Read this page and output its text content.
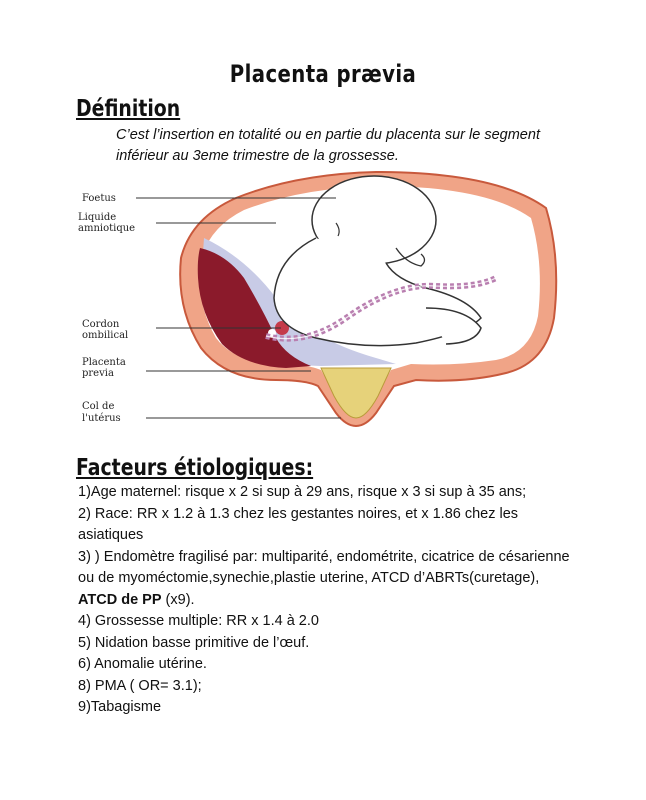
Placenta prævia
Définition
C’est l’insertion en totalité ou en partie du placenta sur le segment inférieur au 3eme trimestre de la grossesse.
Foetus
Liquide
amniotique
Cordon
ombilical
Placenta
previa
Col de
l'utérus
Facteurs étiologiques:

1)Age maternel: risque x 2 si sup à 29 ans, risque x 3 si sup à 35 ans;

2) Race: RR x 1.2 à 1.3 chez les gestantes noires, et x 1.86 chez les asiatiques

3) ) Endomètre fragilisé par: multiparité, endométrite, cicatrice de césarienne ou de myoméctomie,synechie,plastie uterine, ATCD d’ABRTs(curetage),

ATCD de PP (x9).

4) Grossesse multiple: RR x 1.4 à 2.0

5) Nidation basse primitive de l’œuf.

6) Anomalie utérine.

8) PMA ( OR= 3.1);

9)Tabagisme
